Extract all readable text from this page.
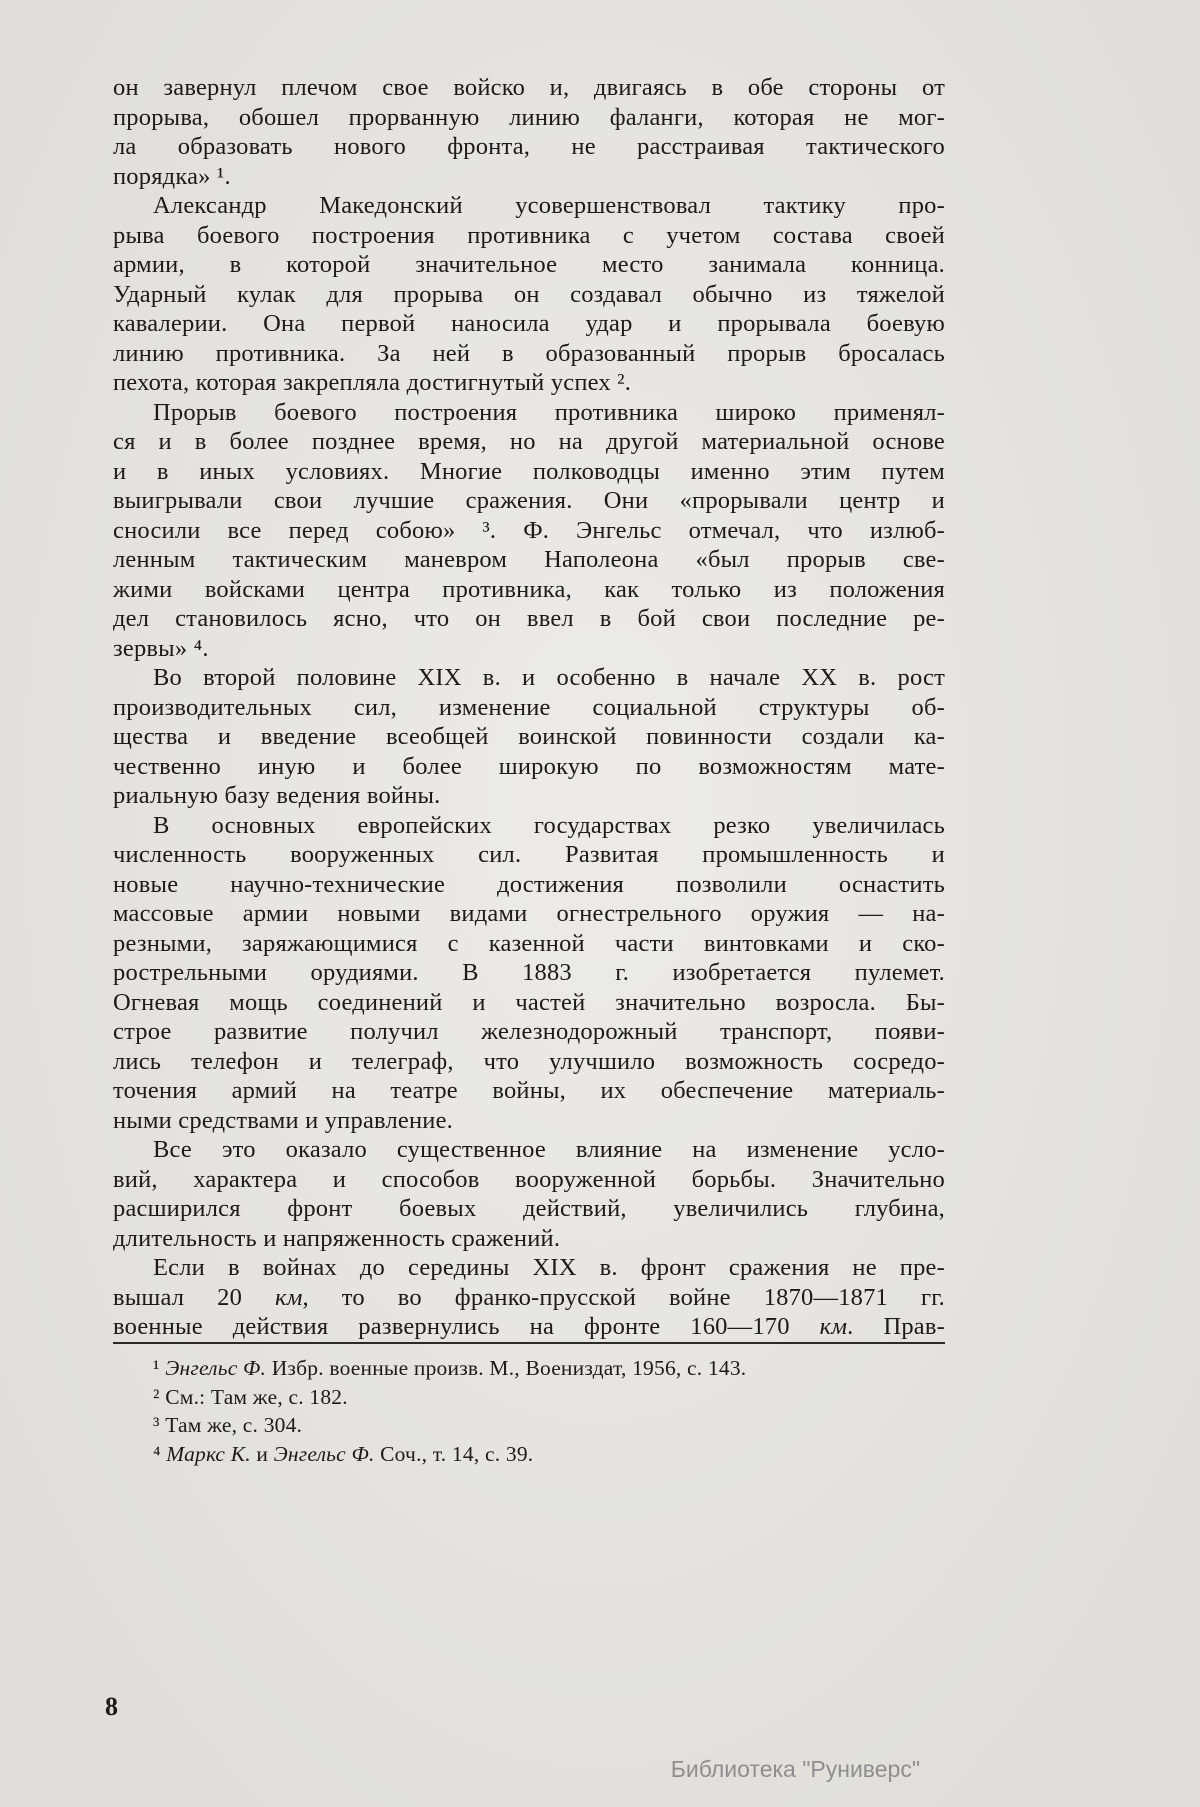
он завернул плечом свое войско и, двигаясь в обе стороны от
прорыва, обошел прорванную линию фаланги, которая не мог-
ла образовать нового фронта, не расстраивая тактического
порядка» ¹.
Александр Македонский усовершенствовал тактику про-
рыва боевого построения противника с учетом состава своей
армии, в которой значительное место занимала конница.
Ударный кулак для прорыва он создавал обычно из тяжелой
кавалерии. Она первой наносила удар и прорывала боевую
линию противника. За ней в образованный прорыв бросалась
пехота, которая закрепляла достигнутый успех ².
Прорыв боевого построения противника широко применял-
ся и в более позднее время, но на другой материальной основе
и в иных условиях. Многие полководцы именно этим путем
выигрывали свои лучшие сражения. Они «прорывали центр и
сносили все перед собою» ³. Ф. Энгельс отмечал, что излюб-
ленным тактическим маневром Наполеона «был прорыв све-
жими войсками центра противника, как только из положения
дел становилось ясно, что он ввел в бой свои последние ре-
зервы» ⁴.
Во второй половине XIX в. и особенно в начале XX в. рост
производительных сил, изменение социальной структуры об-
щества и введение всеобщей воинской повинности создали ка-
чественно иную и более широкую по возможностям мате-
риальную базу ведения войны.
В основных европейских государствах резко увеличилась
численность вооруженных сил. Развитая промышленность и
новые научно-технические достижения позволили оснастить
массовые армии новыми видами огнестрельного оружия — на-
резными, заряжающимися с казенной части винтовками и ско-
рострельными орудиями. В 1883 г. изобретается пулемет.
Огневая мощь соединений и частей значительно возросла. Бы-
строе развитие получил железнодорожный транспорт, появи-
лись телефон и телеграф, что улучшило возможность сосредо-
точения армий на театре войны, их обеспечение материаль-
ными средствами и управление.
Все это оказало существенное влияние на изменение усло-
вий, характера и способов вооруженной борьбы. Значительно
расширился фронт боевых действий, увеличились глубина,
длительность и напряженность сражений.
Если в войнах до середины XIX в. фронт сражения не пре-
вышал 20 км, то во франко-прусской войне 1870—1871 гг.
военные действия развернулись на фронте 160—170 км. Прав-
¹ Энгельс Ф. Избр. военные произв. М., Воениздат, 1956, с. 143.
² См.: Там же, с. 182.
³ Там же, с. 304.
⁴ Маркс К. и Энгельс Ф. Соч., т. 14, с. 39.
8
Библиотека "Руниверс"
